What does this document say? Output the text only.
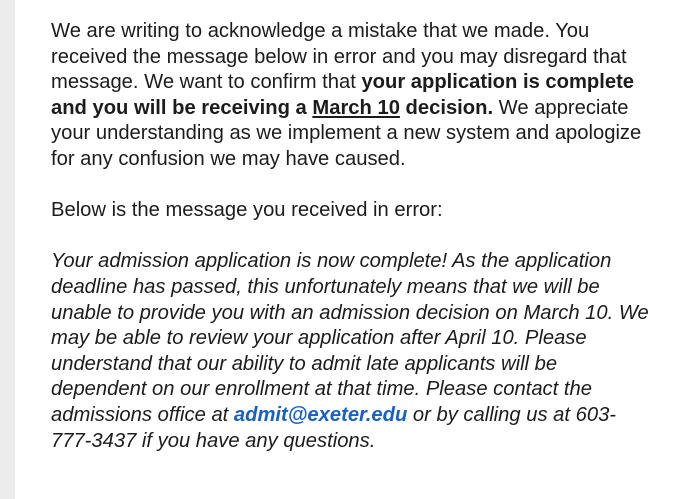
We are writing to acknowledge a mistake that we made. You received the message below in error and you may disregard that message. We want to confirm that your application is complete and you will be receiving a March 10 decision. We appreciate your understanding as we implement a new system and apologize for any confusion we may have caused.

Below is the message you received in error:

Your admission application is now complete! As the application deadline has passed, this unfortunately means that we will be unable to provide you with an admission decision on March 10. We may be able to review your application after April 10. Please understand that our ability to admit late applicants will be dependent on our enrollment at that time. Please contact the admissions office at admit@exeter.edu or by calling us at 603-777-3437 if you have any questions.
